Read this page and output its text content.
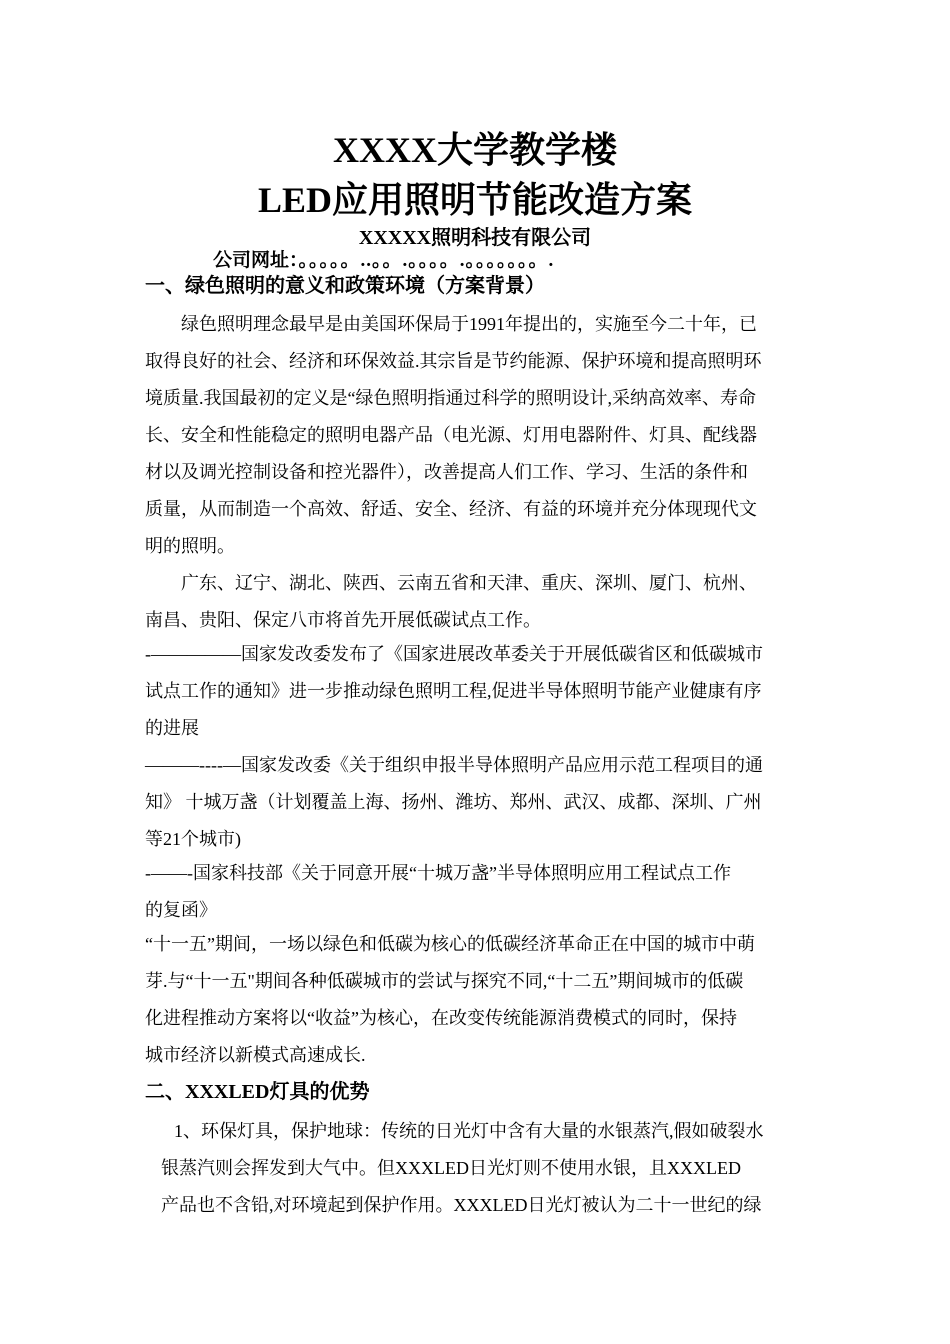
XXXX大学教学楼
LED应用照明节能改造方案
XXXXX照明科技有限公司
公司网址：。。。。。..。。.。。。。.。。。。。。。.
一、绿色照明的意义和政策环境（方案背景）
绿色照明理念最早是由美国环保局于1991年提出的，实施至今二十年，已
取得良好的社会、经济和环保效益.其宗旨是节约能源、保护环境和提高照明环
境质量.我国最初的定义是“绿色照明指通过科学的照明设计,采纳高效率、寿命
长、安全和性能稳定的照明电器产品（电光源、灯用电器附件、灯具、配线器
材以及调光控制设备和控光器件），改善提高人们工作、学习、生活的条件和
质量，从而制造一个高效、舒适、安全、经济、有益的环境并充分体现现代文
明的照明。
广东、辽宁、湖北、陕西、云南五省和天津、重庆、深圳、厦门、杭州、
南昌、贵阳、保定八市将首先开展低碳试点工作。
-—————国家发改委发布了《国家进展改革委关于开展低碳省区和低碳城市
试点工作的通知》进一步推动绿色照明工程,促进半导体照明节能产业健康有序
的进展
———----—国家发改委《关于组织申报半导体照明产品应用示范工程项目的通
知》 十城万盏（计划覆盖上海、扬州、潍坊、郑州、武汉、成都、深圳、广州
等21个城市)
-——-国家科技部《关于同意开展“十城万盏”半导体照明应用工程试点工作
的复函》
“十一五”期间，一场以绿色和低碳为核心的低碳经济革命正在中国的城市中萌
芽.与“十一五"期间各种低碳城市的尝试与探究不同,“十二五”期间城市的低碳
化进程推动方案将以“收益”为核心，在改变传统能源消费模式的同时，保持
城市经济以新模式高速成长.
二、XXXLED灯具的优势
1、环保灯具，保护地球：传统的日光灯中含有大量的水银蒸汽,假如破裂水
银蒸汽则会挥发到大气中。但XXXLED日光灯则不使用水银，且XXXLED
产品也不含铅,对环境起到保护作用。XXXLED日光灯被认为二十一世纪的绿
